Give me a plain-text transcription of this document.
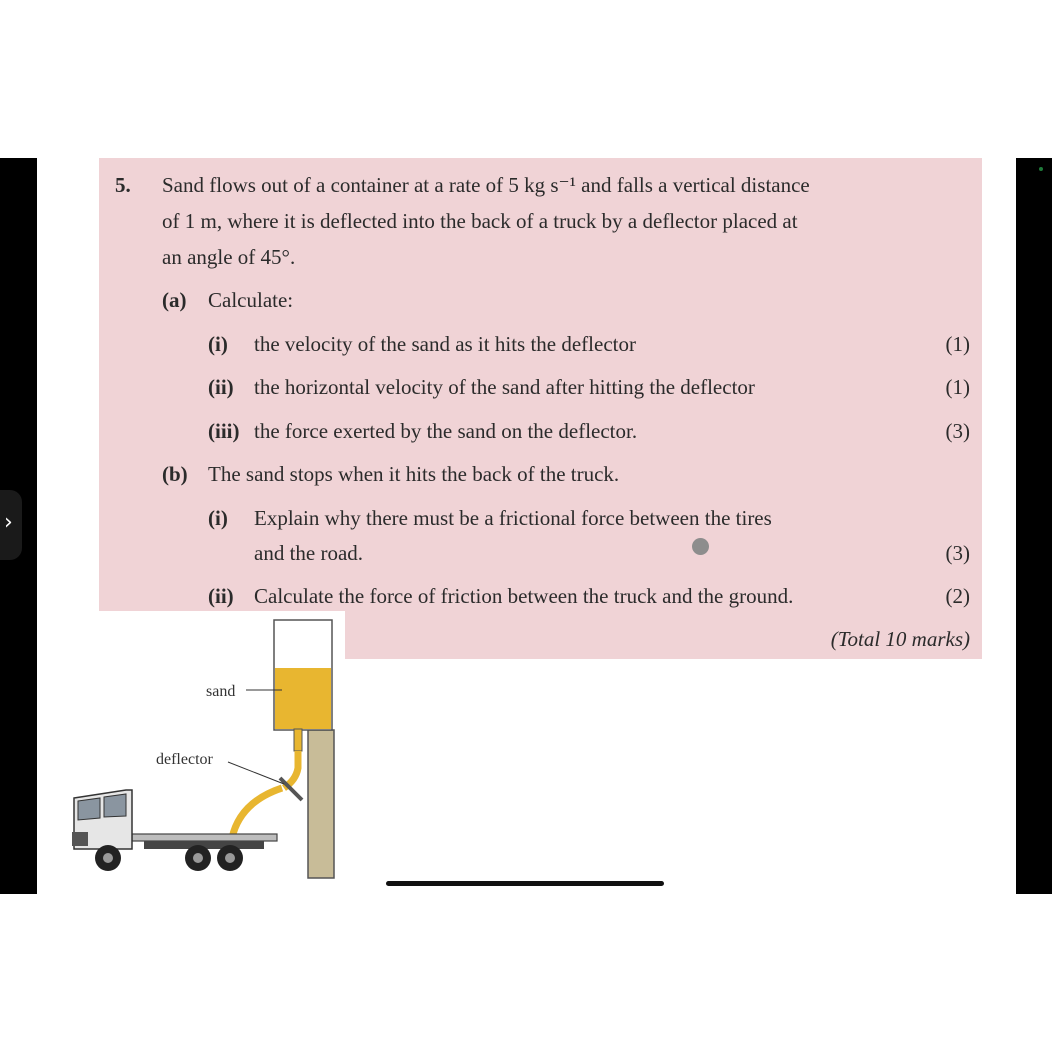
›
5. Sand flows out of a container at a rate of 5 kg s⁻¹ and falls a vertical distance
of 1 m, where it is deflected into the back of a truck by a deflector placed at
an angle of 45°.
(a) Calculate:
(i) the velocity of the sand as it hits the deflector	(1)
(ii) the horizontal velocity of the sand after hitting the deflector	(1)
(iii) the force exerted by the sand on the deflector.	(3)
(b) The sand stops when it hits the back of the truck.
(i) Explain why there must be a frictional force between the tires
and the road.	(3)
(ii) Calculate the force of friction between the truck and the ground.	(2)
(Total 10 marks)
sand
deflector
